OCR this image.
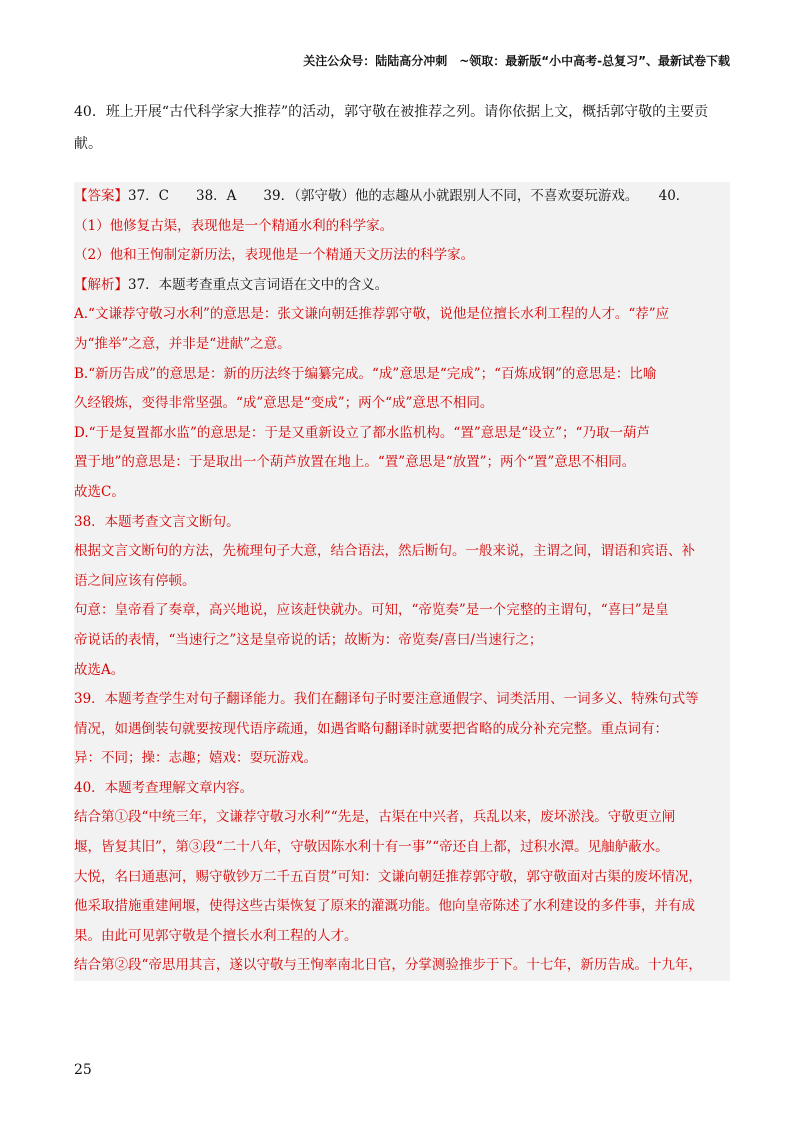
关注公众号：陆陆高分冲刺　~领取：最新版“小中高考-总复习”、最新试卷下载
40．班上开展“古代科学家大推荐”的活动，郭守敬在被推荐之列。请你依据上文，概括郭守敬的主要贡
献。
【答案】37．C　　38．A　　39．（郭守敬）他的志趣从小就跟别人不同，不喜欢耍玩游戏。　　40．
（1）他修复古渠，表现他是一个精通水利的科学家。
（2）他和王恂制定新历法，表现他是一个精通天文历法的科学家。
【解析】37．本题考查重点文言词语在文中的含义。
A.“文谦荐守敬习水利”的意思是：张文谦向朝廷推荐郭守敬，说他是位擅长水利工程的人才。“荐”应
为“推举”之意，并非是“进献”之意。
B.“新历告成”的意思是：新的历法终于编纂完成。“成”意思是“完成”；“百炼成钢”的意思是：比喻
久经锻炼，变得非常坚强。“成”意思是“变成”；两个“成”意思不相同。
D.“于是复置都水监”的意思是：于是又重新设立了都水监机构。“置”意思是“设立”；“乃取一葫芦
置于地”的意思是：于是取出一个葫芦放置在地上。“置”意思是“放置”；两个“置”意思不相同。
故选C。
38．本题考查文言文断句。
根据文言文断句的方法，先梳理句子大意，结合语法，然后断句。一般来说，主谓之间，谓语和宾语、补
语之间应该有停顿。
句意：皇帝看了奏章，高兴地说，应该赶快就办。可知，“帝览奏”是一个完整的主谓句，“喜曰”是皇
帝说话的表情，“当速行之”这是皇帝说的话；故断为：帝览奏/喜曰/当速行之；
故选A。
39．本题考查学生对句子翻译能力。我们在翻译句子时要注意通假字、词类活用、一词多义、特殊句式等
情况，如遇倒装句就要按现代语序疏通，如遇省略句翻译时就要把省略的成分补充完整。重点词有：
异：不同；操：志趣；嬉戏：耍玩游戏。
40．本题考查理解文章内容。
结合第①段“中统三年，文谦荐守敬习水利”“先是，古渠在中兴者，兵乱以来，废坏淤浅。守敬更立闸
堰，皆复其旧”，第③段“二十八年，守敬因陈水利十有一事”“帝还自上都，过积水潭。见舳舻蔽水。
大悦，名曰通惠河，赐守敬钞万二千五百贯”可知：文谦向朝廷推荐郭守敬，郭守敬面对古渠的废坏情况，
他采取措施重建闸堰，使得这些古渠恢复了原来的灌溉功能。他向皇帝陈述了水利建设的多件事，并有成
果。由此可见郭守敬是个擅长水利工程的人才。
结合第②段“帝思用其言，遂以守敬与王恂率南北日官，分掌测验推步于下。十七年，新历告成。十九年，
25
